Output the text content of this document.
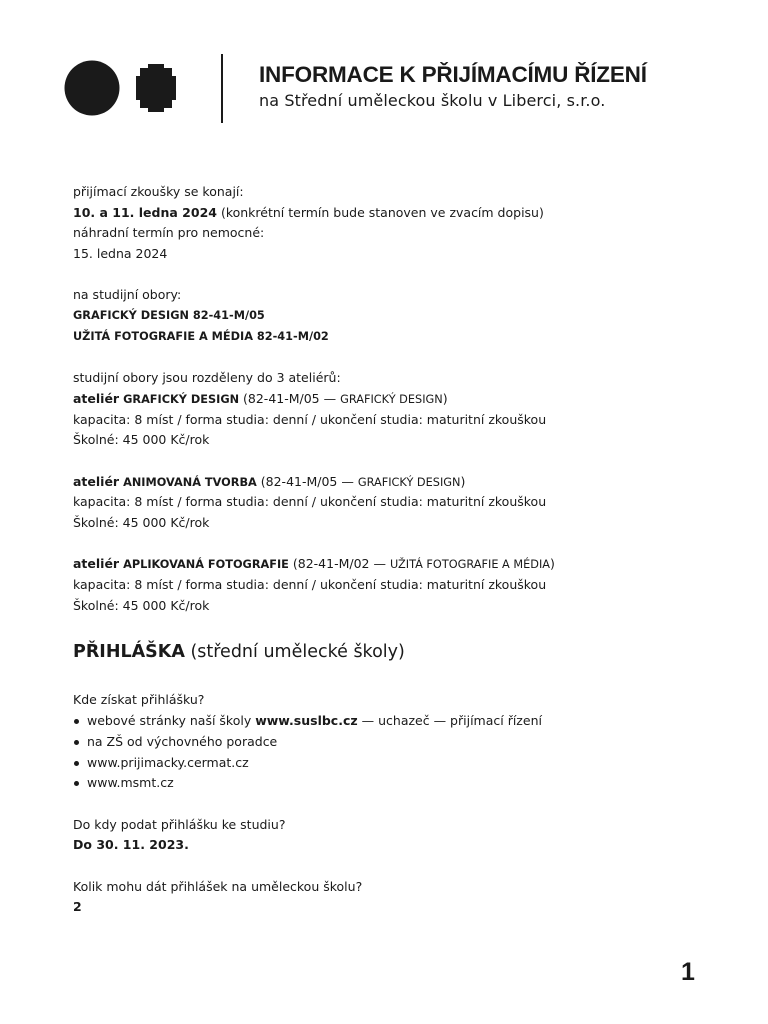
INFORMACE K PŘIJÍMACÍMU ŘÍZENÍ

na Střední uměleckou školu v Liberci, s.r.o.

přijímací zkoušky se konají:
10. a 11. ledna 2024 (konkrétní termín bude stanoven ve zvacím dopisu)
náhradní termín pro nemocné:
15. ledna 2024
na studijní obory:
GRAFICKÝ DESIGN 82-41-M/05
UŽITÁ FOTOGRAFIE A MÉDIA 82-41-M/02
studijní obory jsou rozděleny do 3 ateliérů:
ateliér GRAFICKÝ DESIGN (82-41-M/05 — GRAFICKÝ DESIGN)
kapacita: 8 míst / forma studia: denní / ukončení studia: maturitní zkouškou
Školné: 45 000 Kč/rok
ateliér ANIMOVANÁ TVORBA (82-41-M/05 — GRAFICKÝ DESIGN)
kapacita: 8 míst / forma studia: denní / ukončení studia: maturitní zkouškou
Školné: 45 000 Kč/rok
ateliér APLIKOVANÁ FOTOGRAFIE (82-41-M/02 — UŽITÁ FOTOGRAFIE A MÉDIA)
kapacita: 8 míst / forma studia: denní / ukončení studia: maturitní zkouškou
Školné: 45 000 Kč/rok
PŘIHLÁŠKA (střední umělecké školy)
Kde získat přihlášku?
webové stránky naší školy www.suslbc.cz — uchazeč — přijímací řízení
na ZŠ od výchovného poradce
www.prijimacky.cermat.cz
www.msmt.cz
Do kdy podat přihlášku ke studiu?
Do 30. 11. 2023.
Kolik mohu dát přihlášek na uměleckou školu?
2
1
